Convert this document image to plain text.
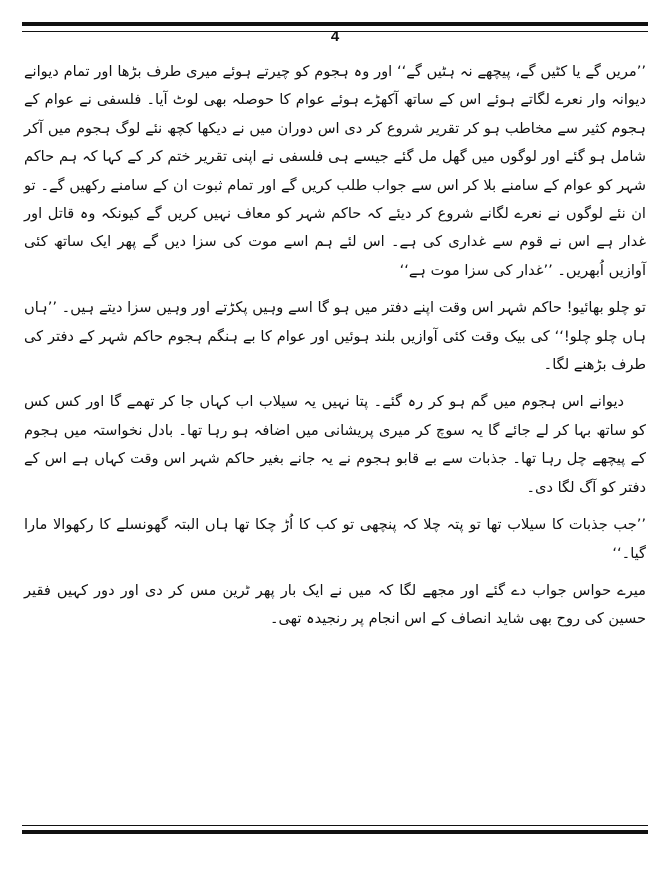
4

’’مریں گے یا کٹیں گے، پیچھے نہ ہٹیں گے‘‘ اور وہ ہجوم کو چیرتے ہوئے میری طرف بڑھا اور تمام دیوانے دیوانہ وار نعرے لگاتے ہوئے اس کے ساتھ آکھڑے ہوئے عوام کا حوصلہ بھی لوٹ آیا۔ فلسفی نے عوام کے ہجوم کثیر سے مخاطب ہو کر تقریر شروع کر دی اس دوران میں نے دیکھا کچھ نئے لوگ ہجوم میں آکر شامل ہو گئے اور لوگوں میں گھل مل گئے جیسے ہی فلسفی نے اپنی تقریر ختم کر کے کہا کہ ہم حاکم شہر کو عوام کے سامنے بلا کر اس سے جواب طلب کریں گے اور تمام ثبوت ان کے سامنے رکھیں گے۔ تو ان نئے لوگوں نے نعرے لگانے شروع کر دیئے کہ حاکم شہر کو معاف نہیں کریں گے کیونکہ وہ قاتل اور غدار ہے اس نے قوم سے غداری کی ہے۔ اس لئے ہم اسے موت کی سزا دیں گے پھر ایک ساتھ کئی آوازیں اُبھریں۔ ’’غدار کی سزا موت ہے‘‘

تو چلو بھائیو! حاکم شہر اس وقت اپنے دفتر میں ہو گا اسے وہیں پکڑتے اور وہیں سزا دیتے ہیں۔ ’’ہاں ہاں چلو چلو!‘‘ کی بیک وقت کئی آوازیں بلند ہوئیں اور عوام کا بے ہنگم ہجوم حاکم شہر کے دفتر کی طرف بڑھنے لگا۔

دیوانے اس ہجوم میں گم ہو کر رہ گئے۔ پتا نہیں یہ سیلاب اب کہاں جا کر تھمے گا اور کس کس کو ساتھ بہا کر لے جائے گا یہ سوچ کر میری پریشانی میں اضافہ ہو رہا تھا۔ بادل نخواستہ میں ہجوم کے پیچھے چل رہا تھا۔ جذبات سے بے قابو ہجوم نے یہ جانے بغیر حاکم شہر اس وقت کہاں ہے اس کے دفتر کو آگ لگا دی۔

’’جب جذبات کا سیلاب تھا تو پتہ چلا کہ پنچھی تو کب کا اُڑ چکا تھا ہاں البتہ گھونسلے کا رکھوالا مارا گیا۔‘‘

میرے حواس جواب دے گئے اور مجھے لگا کہ میں نے ایک بار پھر ٹرین مس کر دی اور دور کہیں فقیر حسین کی روح بھی شاید انصاف کے اس انجام پر رنجیدہ تھی۔
